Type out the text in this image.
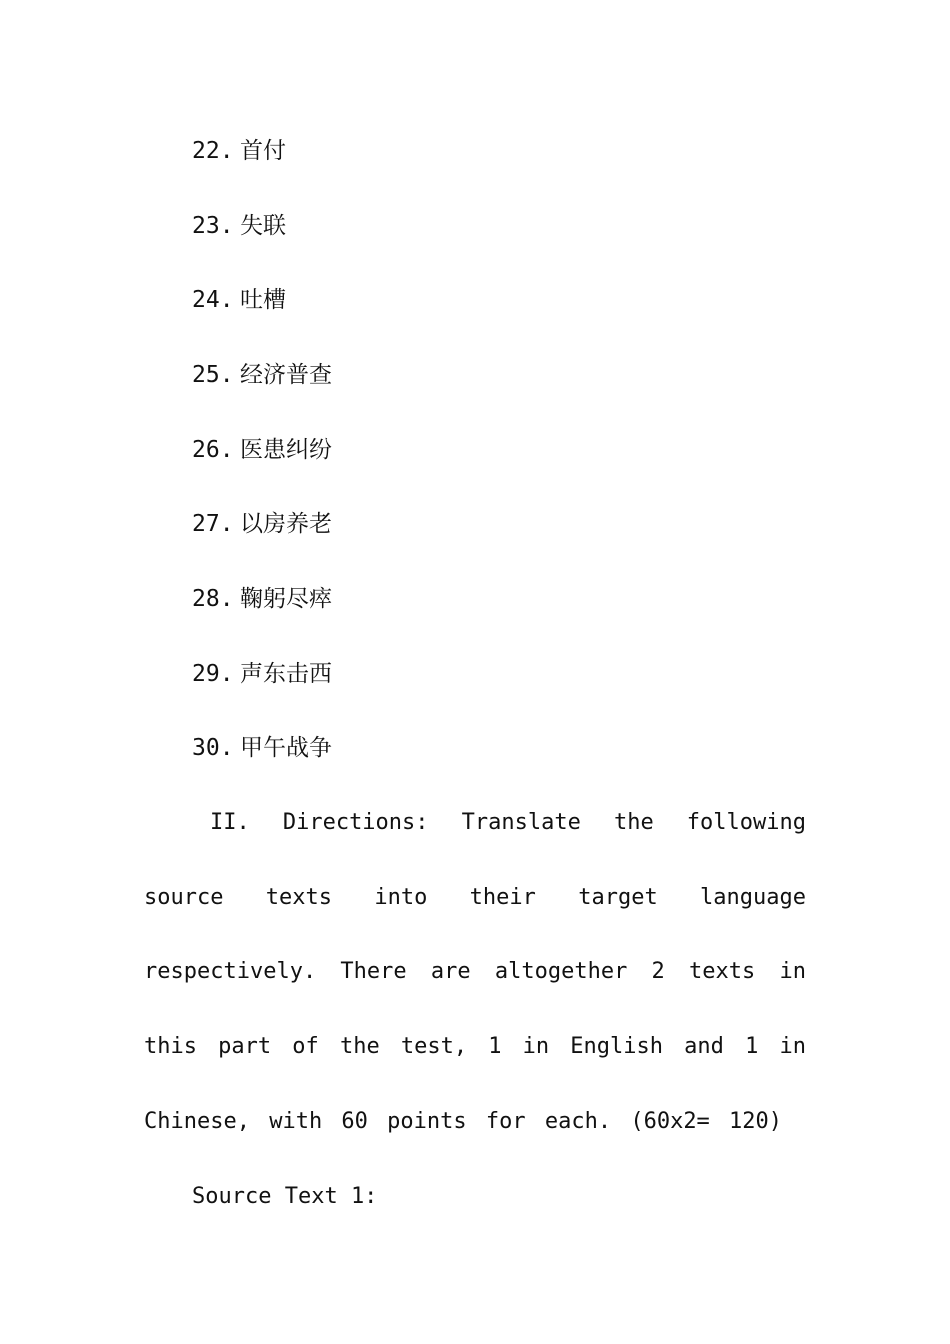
22. 首付
23. 失联
24. 吐槽
25. 经济普查
26. 医患纠纷
27. 以房养老
28. 鞠躬尽瘁
29. 声东击西
30. 甲午战争
II. Directions: Translate the following source texts into their target language respectively. There are altogether 2 texts in this part of the test, 1 in English and 1 in Chinese, with 60 points for each. (60x2= 120)
Source Text 1:
